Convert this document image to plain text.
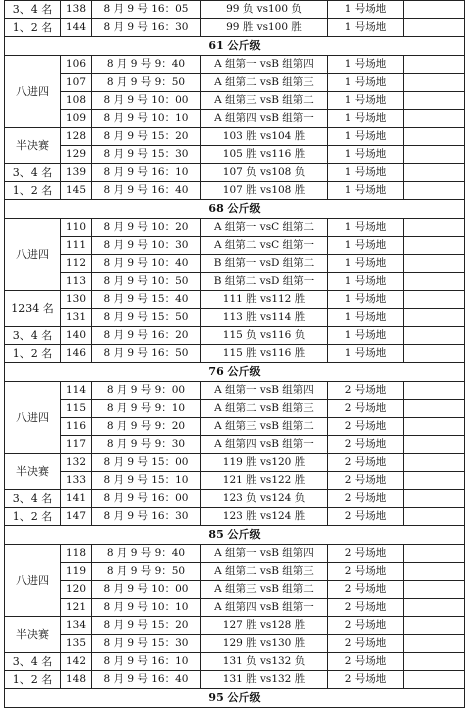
3、4 名	138	8 月 9 号 16：05	99 负 vs100 负	1 号场地	
1、2 名	144	8 月 9 号 16：30	99 胜 vs100 胜	1 号场地	
61 公斤级					
八进四	106	8 月 9 号 9：40	A 组第一 vsB 组第四	1 号场地	
	107	8 月 9 号 9：50	A 组第二 vsB 组第三	1 号场地	
	108	8 月 9 号 10：00	A 组第三 vsB 组第二	1 号场地	
	109	8 月 9 号 10：10	A 组第四 vsB 组第一	1 号场地	
半决赛	128	8 月 9 号 15：20	103 胜 vs104 胜	1 号场地	
	129	8 月 9 号 15：30	105 胜 vs116 胜	1 号场地	
3、4 名	139	8 月 9 号 16：10	107 负 vs108 负	1 号场地	
1、2 名	145	8 月 9 号 16：40	107 胜 vs108 胜	1 号场地	
68 公斤级					
八进四	110	8 月 9 号 10：20	A 组第一 vsC 组第二	1 号场地	
	111	8 月 9 号 10：30	A 组第二 vsC 组第一	1 号场地	
	112	8 月 9 号 10：40	B 组第一 vsD 组第二	1 号场地	
	113	8 月 9 号 10：50	B 组第二 vsD 组第一	1 号场地	
1234 名	130	8 月 9 号 15：40	111 胜 vs112 胜	1 号场地	
	131	8 月 9 号 15：50	113 胜 vs114 胜	1 号场地	
3、4 名	140	8 月 9 号 16：20	115 负 vs116 负	1 号场地	
1、2 名	146	8 月 9 号 16：50	115 胜 vs116 胜	1 号场地	
76 公斤级					
八进四	114	8 月 9 号 9：00	A 组第一 vsB 组第四	2 号场地	
	115	8 月 9 号 9：10	A 组第二 vsB 组第三	2 号场地	
	116	8 月 9 号 9：20	A 组第三 vsB 组第二	2 号场地	
	117	8 月 9 号 9：30	A 组第四 vsB 组第一	2 号场地	
半决赛	132	8 月 9 号 15：00	119 胜 vs120 胜	2 号场地	
	133	8 月 9 号 15：10	121 胜 vs122 胜	2 号场地	
3、4 名	141	8 月 9 号 16：00	123 负 vs124 负	2 号场地	
1、2 名	147	8 月 9 号 16：30	123 胜 vs124 胜	2 号场地	
85 公斤级					
八进四	118	8 月 9 号 9：40	A 组第一 vsB 组第四	2 号场地	
	119	8 月 9 号 9：50	A 组第二 vsB 组第三	2 号场地	
	120	8 月 9 号 10：00	A 组第三 vsB 组第二	2 号场地	
	121	8 月 9 号 10：10	A 组第四 vsB 组第一	2 号场地	
半决赛	134	8 月 9 号 15：20	127 胜 vs128 胜	2 号场地	
	135	8 月 9 号 15：30	129 胜 vs130 胜	2 号场地	
3、4 名	142	8 月 9 号 16：10	131 负 vs132 负	2 号场地	
1、2 名	148	8 月 9 号 16：40	131 胜 vs132 胜	2 号场地	
95 公斤级					
